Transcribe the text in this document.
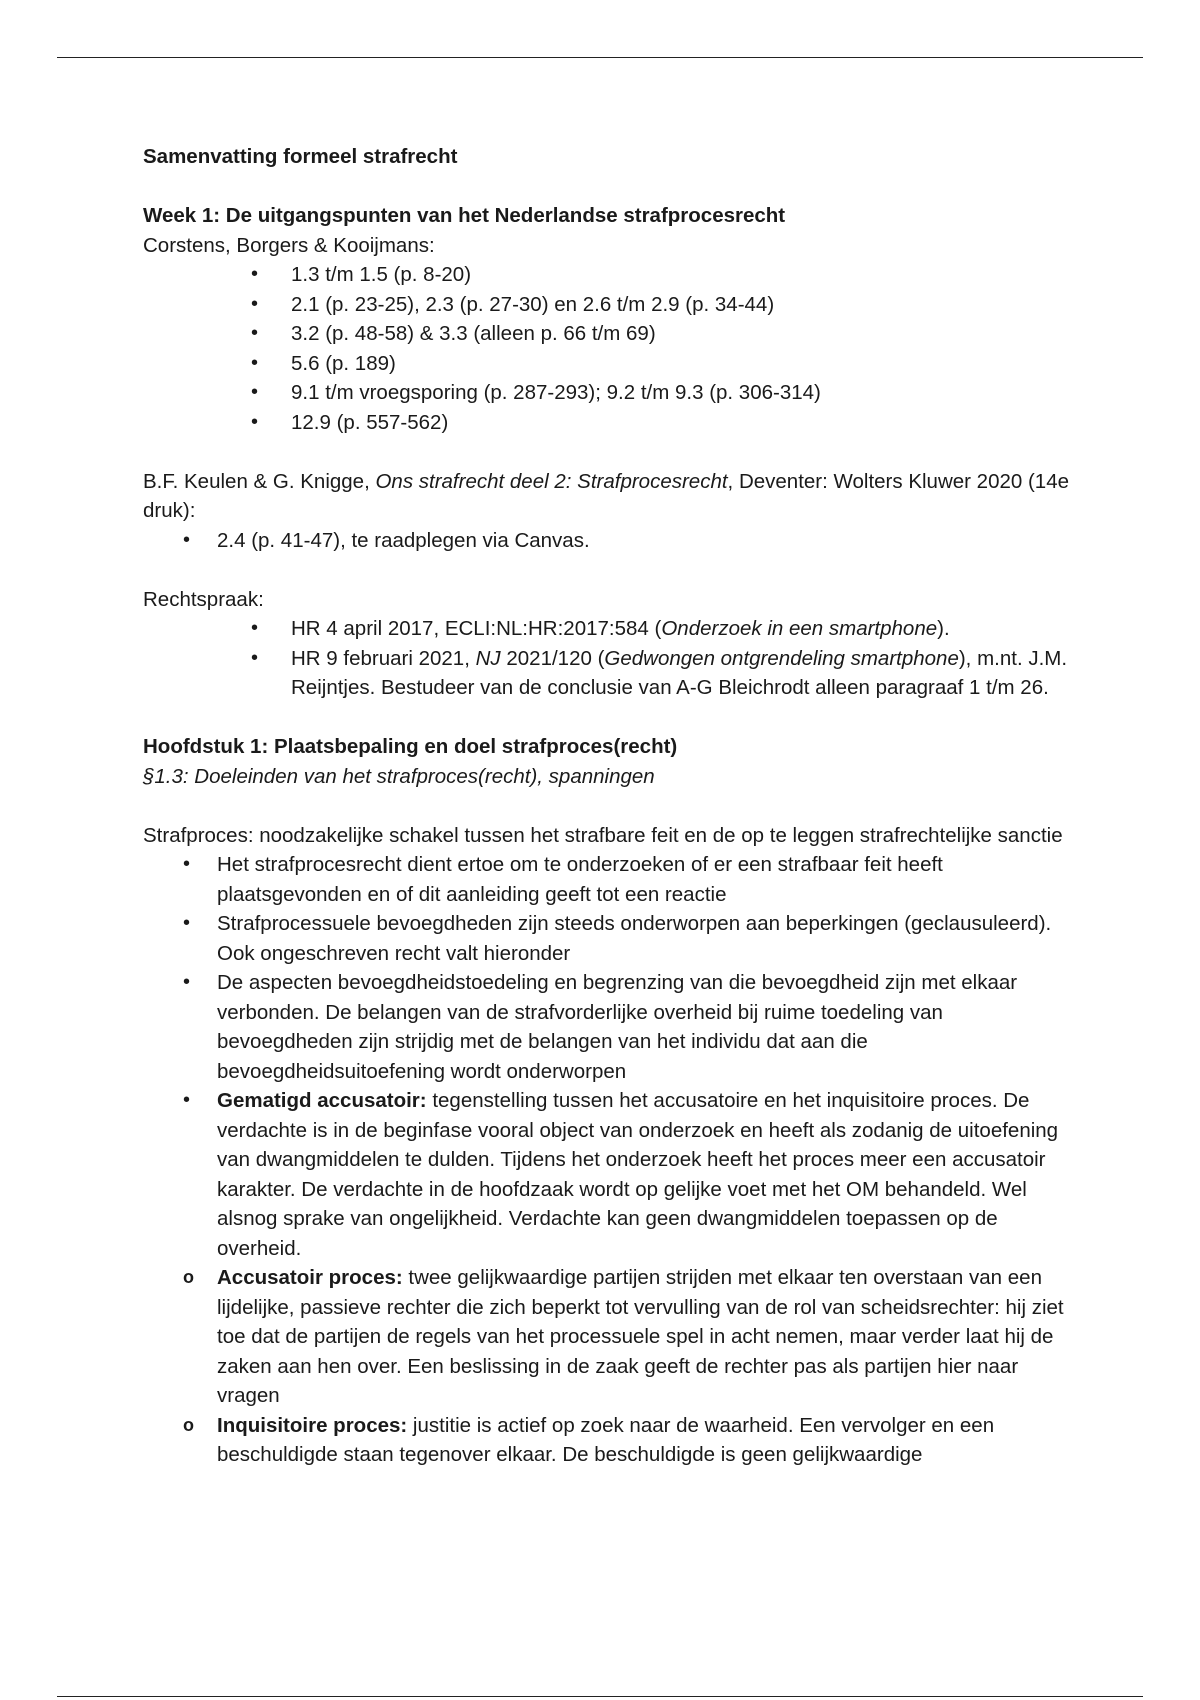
Samenvatting formeel strafrecht

Week 1: De uitgangspunten van het Nederlandse strafprocesrecht

Corstens, Borgers & Kooijmans:

• 1.3 t/m 1.5 (p. 8-20)
• 2.1 (p. 23-25), 2.3 (p. 27-30) en 2.6 t/m 2.9 (p. 34-44)
• 3.2 (p. 48-58) & 3.3 (alleen p. 66 t/m 69)
• 5.6 (p. 189)
• 9.1 t/m vroegsporing (p. 287-293); 9.2 t/m 9.3 (p. 306-314)
• 12.9 (p. 557-562)

B.F. Keulen & G. Knigge, Ons strafrecht deel 2: Strafprocesrecht, Deventer: Wolters Kluwer 2020 (14e druk):

• 2.4 (p. 41-47), te raadplegen via Canvas.

Rechtspraak:

• HR 4 april 2017, ECLI:NL:HR:2017:584 (Onderzoek in een smartphone).
• HR 9 februari 2021, NJ 2021/120 (Gedwongen ontgrendeling smartphone), m.nt. J.M. Reijntjes. Bestudeer van de conclusie van A-G Bleichrodt alleen paragraaf 1 t/m 26.

Hoofdstuk 1: Plaatsbepaling en doel strafproces(recht)

§1.3: Doeleinden van het strafproces(recht), spanningen

Strafproces: noodzakelijke schakel tussen het strafbare feit en de op te leggen strafrechtelijke sanctie

• Het strafprocesrecht dient ertoe om te onderzoeken of er een strafbaar feit heeft plaatsgevonden en of dit aanleiding geeft tot een reactie
• Strafprocessuele bevoegdheden zijn steeds onderworpen aan beperkingen (geclausuleerd). Ook ongeschreven recht valt hieronder
• De aspecten bevoegdheidstoedeling en begrenzing van die bevoegdheid zijn met elkaar verbonden. De belangen van de strafvorderlijke overheid bij ruime toedeling van bevoegdheden zijn strijdig met de belangen van het individu dat aan die bevoegdheidsuitoefening wordt onderworpen
• Gematigd accusatoir: tegenstelling tussen het accusatoire en het inquisitoire proces. De verdachte is in de beginfase vooral object van onderzoek en heeft als zodanig de uitoefening van dwangmiddelen te dulden. Tijdens het onderzoek heeft het proces meer een accusatoir karakter. De verdachte in de hoofdzaak wordt op gelijke voet met het OM behandeld. Wel alsnog sprake van ongelijkheid. Verdachte kan geen dwangmiddelen toepassen op de overheid.
o Accusatoir proces: twee gelijkwaardige partijen strijden met elkaar ten overstaan van een lijdelijke, passieve rechter die zich beperkt tot vervulling van de rol van scheidsrechter: hij ziet toe dat de partijen de regels van het processuele spel in acht nemen, maar verder laat hij de zaken aan hen over. Een beslissing in de zaak geeft de rechter pas als partijen hier naar vragen
o Inquisitoire proces: justitie is actief op zoek naar de waarheid. Een vervolger en een beschuldigde staan tegenover elkaar. De beschuldigde is geen gelijkwaardige
